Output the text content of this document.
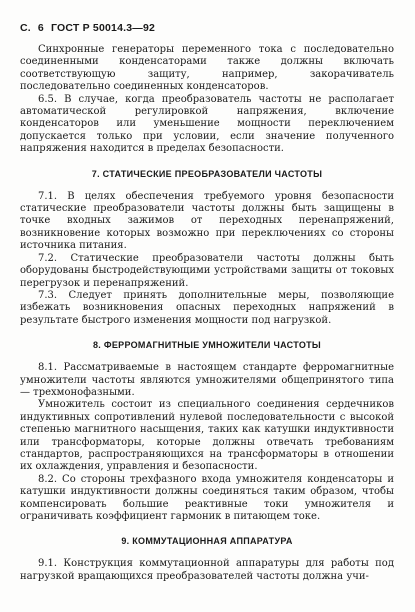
С. 6 ГОСТ Р 50014.3—92

Синхронные генераторы переменного тока с последовательно соединенными конденсаторами также должны включать соответствующую защиту, например, закорачиватель последовательно соединенных конденсаторов.

6.5. В случае, когда преобразователь частоты не располагает автоматической регулировкой напряжения, включение конденсаторов или уменьшение мощности переключением допускается только при условии, если значение полученного напряжения находится в пределах безопасности.

7. СТАТИЧЕСКИЕ ПРЕОБРАЗОВАТЕЛИ ЧАСТОТЫ

7.1. В целях обеспечения требуемого уровня безопасности статические преобразователи частоты должны быть защищены в точке входных зажимов от переходных перенапряжений, возникновение которых возможно при переключениях со стороны источника питания.

7.2. Статические преобразователи частоты должны быть оборудованы быстродействующими устройствами защиты от токовых перегрузок и перенапряжений.

7.3. Следует принять дополнительные меры, позволяющие избежать возникновения опасных переходных напряжений в результате быстрого изменения мощности под нагрузкой.

8. ФЕРРОМАГНИТНЫЕ УМНОЖИТЕЛИ ЧАСТОТЫ

8.1. Рассматриваемые в настоящем стандарте ферромагнитные умножители частоты являются умножителями общепринятого типа — трехмонофазными.

Умножитель состоит из специального соединения сердечников индуктивных сопротивлений нулевой последовательности с высокой степенью магнитного насыщения, таких как катушки индуктивности или трансформаторы, которые должны отвечать требованиям стандартов, распространяющихся на трансформаторы в отношении их охлаждения, управления и безопасности.

8.2. Со стороны трехфазного входа умножителя конденсаторы и катушки индуктивности должны соединяться таким образом, чтобы компенсировать большие реактивные токи умножителя и ограничивать коэффициент гармоник в питающем токе.

9. КОММУТАЦИОННАЯ АППАРАТУРА

9.1. Конструкция коммутационной аппаратуры для работы под нагрузкой вращающихся преобразователей частоты должна учи-
